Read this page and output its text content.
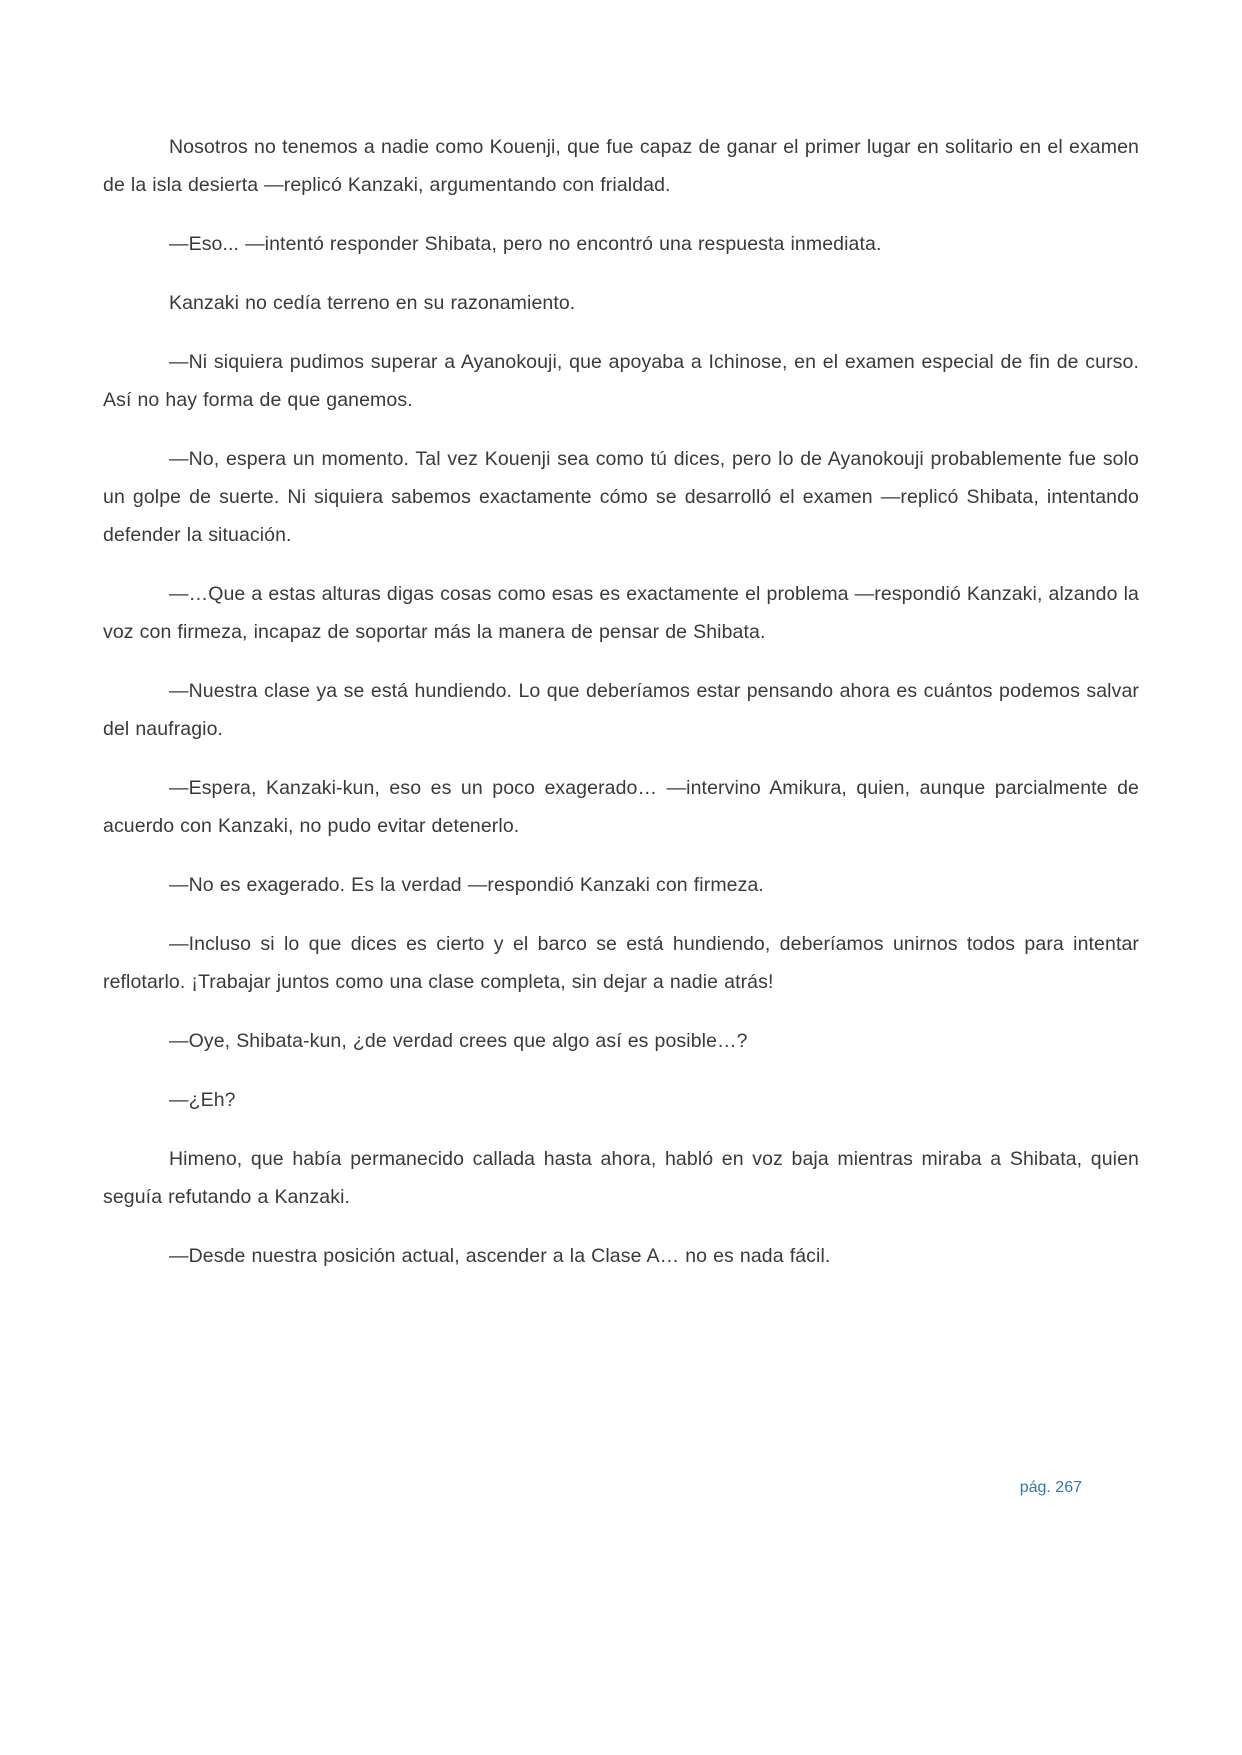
Nosotros no tenemos a nadie como Kouenji, que fue capaz de ganar el primer lugar en solitario en el examen de la isla desierta —replicó Kanzaki, argumentando con frialdad.

—Eso... —intentó responder Shibata, pero no encontró una respuesta inmediata.

Kanzaki no cedía terreno en su razonamiento.

—Ni siquiera pudimos superar a Ayanokouji, que apoyaba a Ichinose, en el examen especial de fin de curso. Así no hay forma de que ganemos.

—No, espera un momento. Tal vez Kouenji sea como tú dices, pero lo de Ayanokouji probablemente fue solo un golpe de suerte. Ni siquiera sabemos exactamente cómo se desarrolló el examen —replicó Shibata, intentando defender la situación.

—…Que a estas alturas digas cosas como esas es exactamente el problema —respondió Kanzaki, alzando la voz con firmeza, incapaz de soportar más la manera de pensar de Shibata.

—Nuestra clase ya se está hundiendo. Lo que deberíamos estar pensando ahora es cuántos podemos salvar del naufragio.

—Espera, Kanzaki-kun, eso es un poco exagerado… —intervino Amikura, quien, aunque parcialmente de acuerdo con Kanzaki, no pudo evitar detenerlo.

—No es exagerado. Es la verdad —respondió Kanzaki con firmeza.

—Incluso si lo que dices es cierto y el barco se está hundiendo, deberíamos unirnos todos para intentar reflotarlo. ¡Trabajar juntos como una clase completa, sin dejar a nadie atrás!

—Oye, Shibata-kun, ¿de verdad crees que algo así es posible…?

—¿Eh?

Himeno, que había permanecido callada hasta ahora, habló en voz baja mientras miraba a Shibata, quien seguía refutando a Kanzaki.

—Desde nuestra posición actual, ascender a la Clase A… no es nada fácil.

pág. 267
